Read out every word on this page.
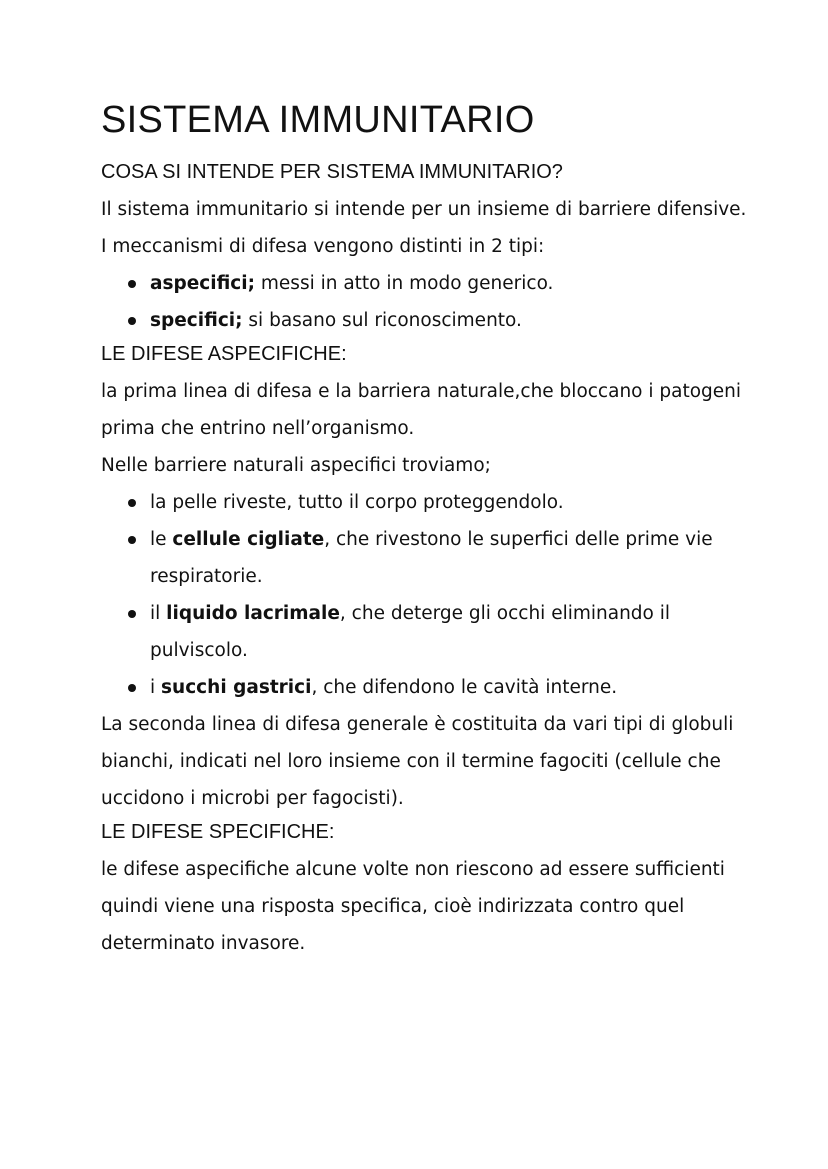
SISTEMA IMMUNITARIO
COSA SI INTENDE PER SISTEMA IMMUNITARIO?

Il sistema immunitario si intende per un insieme di barriere difensive.

I meccanismi di difesa vengono distinti in 2 tipi:

aspecifici; messi in atto in modo generico.
specifici; si basano sul riconoscimento.
LE DIFESE ASPECIFICHE:

la prima linea di difesa e la barriera naturale,che bloccano i patogeni prima che entrino nell’organismo.

Nelle barriere naturali aspecifici troviamo;

la pelle riveste, tutto il corpo proteggendolo.
le cellule cigliate, che rivestono le superfici delle prime vie respiratorie.
il liquido lacrimale, che deterge gli occhi eliminando il pulviscolo.
i succhi gastrici, che difendono le cavità interne.

La seconda linea di difesa generale è costituita da vari tipi di globuli bianchi, indicati nel loro insieme con il termine fagociti (cellule che uccidono i microbi per fagocisti).

LE DIFESE SPECIFICHE:

le difese aspecifiche alcune volte non riescono ad essere sufficienti quindi viene una risposta specifica, cioè indirizzata contro quel determinato invasore.
